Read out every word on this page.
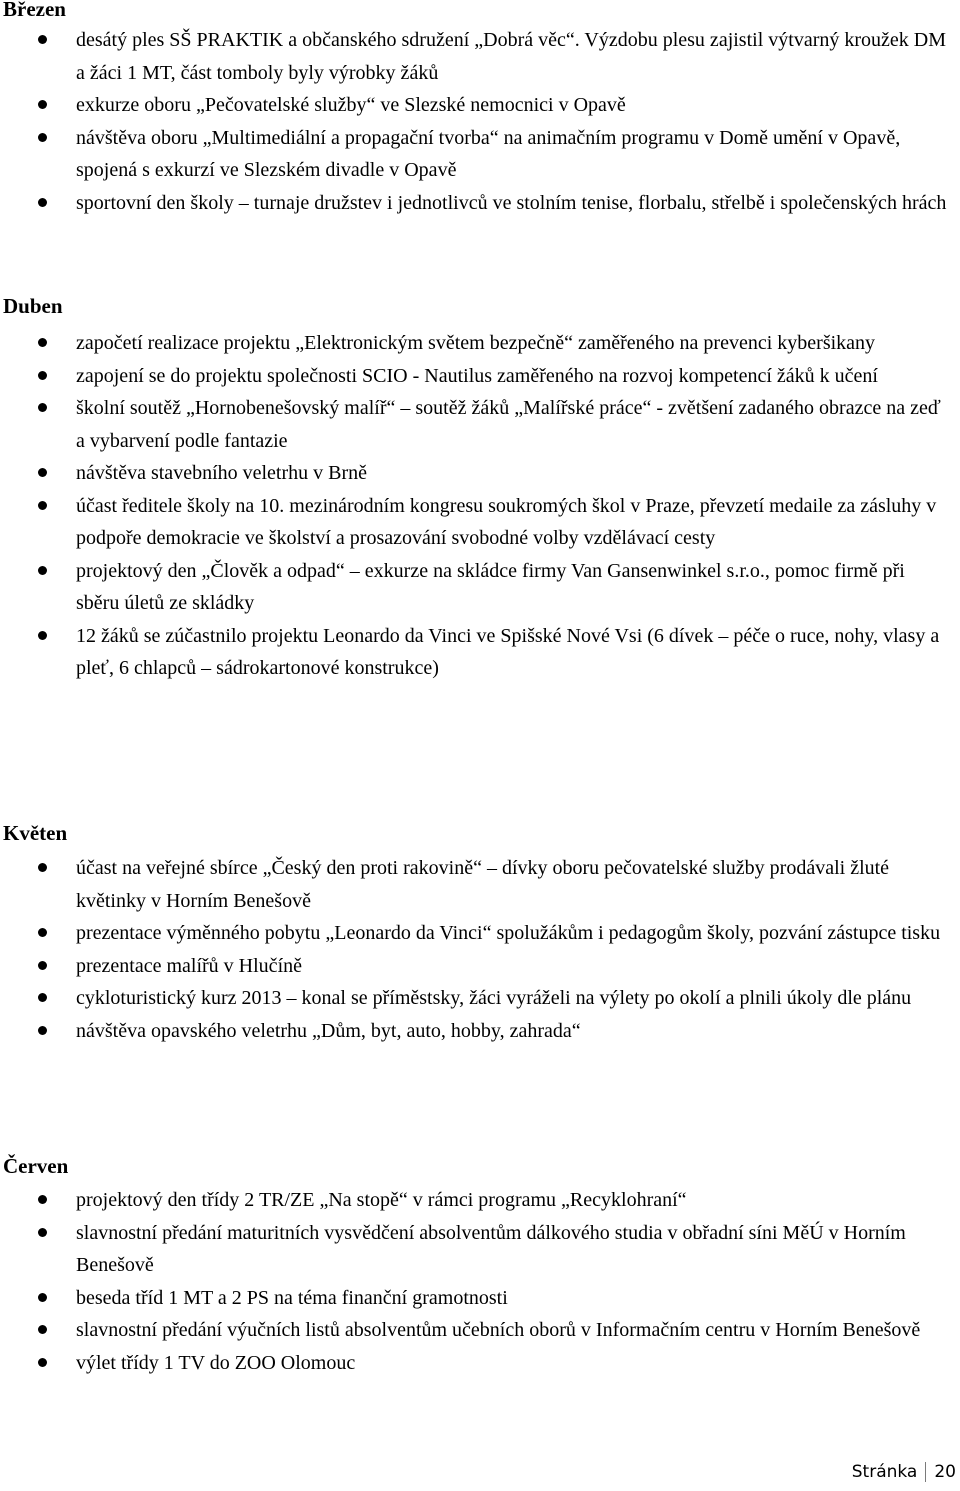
Březen
desátý ples SŠ PRAKTIK a občanského sdružení „Dobrá věc“. Výzdobu plesu zajistil výtvarný kroužek DM a žáci 1 MT, část tomboly byly výrobky žáků
exkurze oboru „Pečovatelské služby“ ve Slezské nemocnici v Opavě
návštěva oboru „Multimediální a propagační tvorba“ na animačním programu v Domě umění v Opavě, spojená s exkurzí ve Slezském divadle v Opavě
sportovní den školy – turnaje družstev i jednotlivců ve stolním tenise, florbalu, střelbě i společenských hrách
Duben
započetí realizace projektu „Elektronickým světem bezpečně“ zaměřeného na prevenci kyberšikany
zapojení se do projektu společnosti SCIO - Nautilus zaměřeného na rozvoj kompetencí žáků k učení
školní soutěž „Hornobenešovský malíř“ – soutěž žáků „Malířské práce“ - zvětšení zadaného obrazce na zeď a vybarvení podle fantazie
návštěva stavebního veletrhu v Brně
účast ředitele školy na 10. mezinárodním kongresu soukromých škol v Praze, převzetí medaile za zásluhy v podpoře demokracie ve školství a prosazování svobodné volby vzdělávací cesty
projektový den „Člověk a odpad“ – exkurze na skládce firmy Van Gansenwinkel s.r.o., pomoc firmě při sběru úletů ze skládky
12 žáků se zúčastnilo projektu Leonardo da Vinci ve Spišské Nové Vsi (6 dívek – péče o ruce, nohy, vlasy a pleť, 6 chlapců – sádrokartonové konstrukce)
Květen
účast na veřejné sbírce „Český den proti rakovině“ – dívky oboru pečovatelské služby prodávali žluté květinky v Horním Benešově
prezentace výměnného pobytu „Leonardo da Vinci“ spolužákům i pedagogům školy, pozvání zástupce tisku
prezentace malířů v Hlučíně
cykloturistický kurz 2013 – konal se příměstsky, žáci vyráželi na výlety po okolí a plnili úkoly dle plánu
návštěva opavského veletrhu „Dům, byt, auto, hobby, zahrada“
Červen
projektový den třídy 2 TR/ZE „Na stopě“ v rámci programu „Recyklohraní“
slavnostní předání maturitních vysvědčení absolventům dálkového studia v obřadní síni MěÚ v Horním Benešově
beseda tříd 1 MT a 2 PS na téma finanční gramotnosti
slavnostní předání výučních listů absolventům učebních oborů v Informačním centru v Horním Benešově
výlet třídy 1 TV do ZOO Olomouc
Stránka 20
